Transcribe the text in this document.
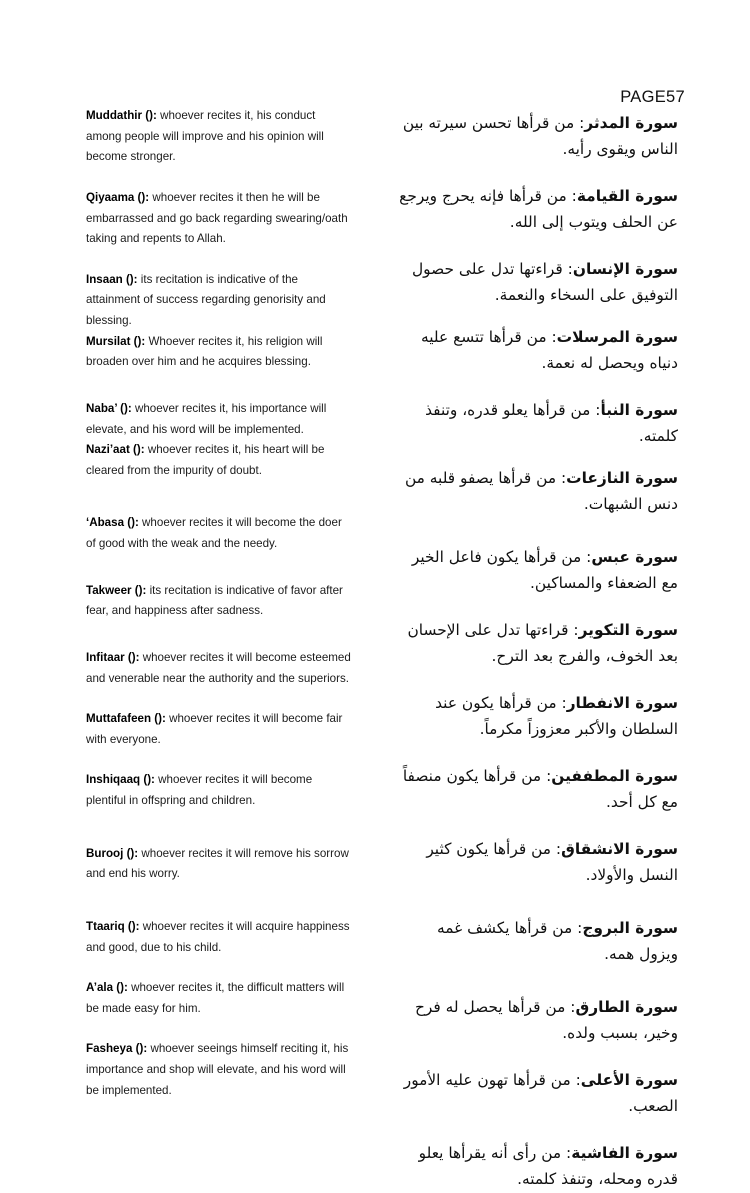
PAGE57

Muddathir (): whoever recites it, his conduct among people will improve and his opinion will become stronger.

Qiyaama (): whoever recites it then he will be embarrassed and go back regarding swearing/oath taking and repents to Allah.

Insaan (): its recitation is indicative of the attainment of success regarding genorisity and blessing.

Mursilat (): Whoever recites it, his religion will broaden over him and he acquires blessing.

Naba’ (): whoever recites it, his importance will elevate, and his word will be implemented.

Nazi’aat (): whoever recites it, his heart will be cleared from the impurity of doubt.

‘Abasa (): whoever recites it will become the doer of good with the weak and the needy.

Takweer (): its recitation is indicative of favor after fear, and happiness after sadness.

Infitaar (): whoever recites it will become esteemed and venerable near the authority and the superiors.

Muttafafeen (): whoever recites it will become fair with everyone.

Inshiqaaq (): whoever recites it will become plentiful in offspring and children.

Burooj (): whoever recites it will remove his sorrow and end his worry.

Ttaariq (): whoever recites it will acquire happiness and good, due to his child.

A’ala (): whoever recites it, the difficult matters will be made easy for him.

Fasheya (): whoever seeings himself reciting it, his importance and shop will elevate, and his word will be implemented.

سورة المدثر: من قرأها تحسن سيرته بين الناس ويقوى رأيه.

سورة القيامة: من قرأها فإنه يحرج ويرجع عن الحلف ويتوب إلى الله.

سورة الإنسان: قراءتها تدل على حصول التوفيق على السخاء والنعمة.

سورة المرسلات: من قرأها تتسع عليه دنياه ويحصل له نعمة.

سورة النبأ: من قرأها يعلو قدره، وتنفذ كلمته.

سورة النازعات: من قرأها يصفو قلبه من دنس الشبهات.

سورة عبس: من قرأها يكون فاعل الخير مع الضعفاء والمساكين.

سورة التكوير: قراءتها تدل على الإحسان بعد الخوف، والفرج بعد الترح.

سورة الانفطار: من قرأها يكون عند السلطان والأكبر معزوزاً مكرماً.

سورة المطففين: من قرأها يكون منصفاً مع كل أحد.

سورة الانشقاق: من قرأها يكون كثير النسل والأولاد.

سورة البروج: من قرأها يكشف غمه ويزول همه.

سورة الطارق: من قرأها يحصل له فرح وخير، بسبب ولده.

سورة الأعلى: من قرأها تهون عليه الأمور الصعب.

سورة الفاشية: من رأى أنه يقرأها يعلو قدره ومحله، وتنفذ كلمته.
